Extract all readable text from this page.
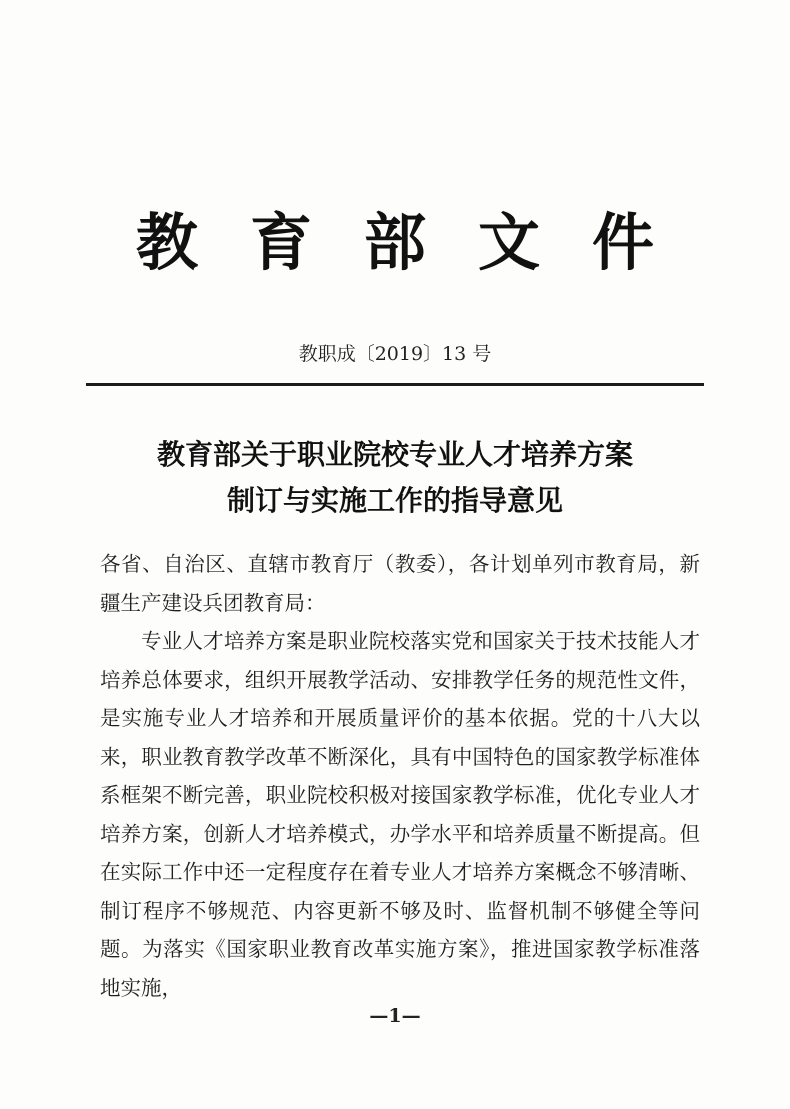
教育部文件
教职成〔2019〕13 号
教育部关于职业院校专业人才培养方案
制订与实施工作的指导意见

各省、自治区、直辖市教育厅（教委），各计划单列市教育局，新疆生产建设兵团教育局：

专业人才培养方案是职业院校落实党和国家关于技术技能人才培养总体要求，组织开展教学活动、安排教学任务的规范性文件，是实施专业人才培养和开展质量评价的基本依据。党的十八大以来，职业教育教学改革不断深化，具有中国特色的国家教学标准体系框架不断完善，职业院校积极对接国家教学标准，优化专业人才培养方案，创新人才培养模式，办学水平和培养质量不断提高。但在实际工作中还一定程度存在着专业人才培养方案概念不够清晰、制订程序不够规范、内容更新不够及时、监督机制不够健全等问题。为落实《国家职业教育改革实施方案》，推进国家教学标准落地实施，

—1—
